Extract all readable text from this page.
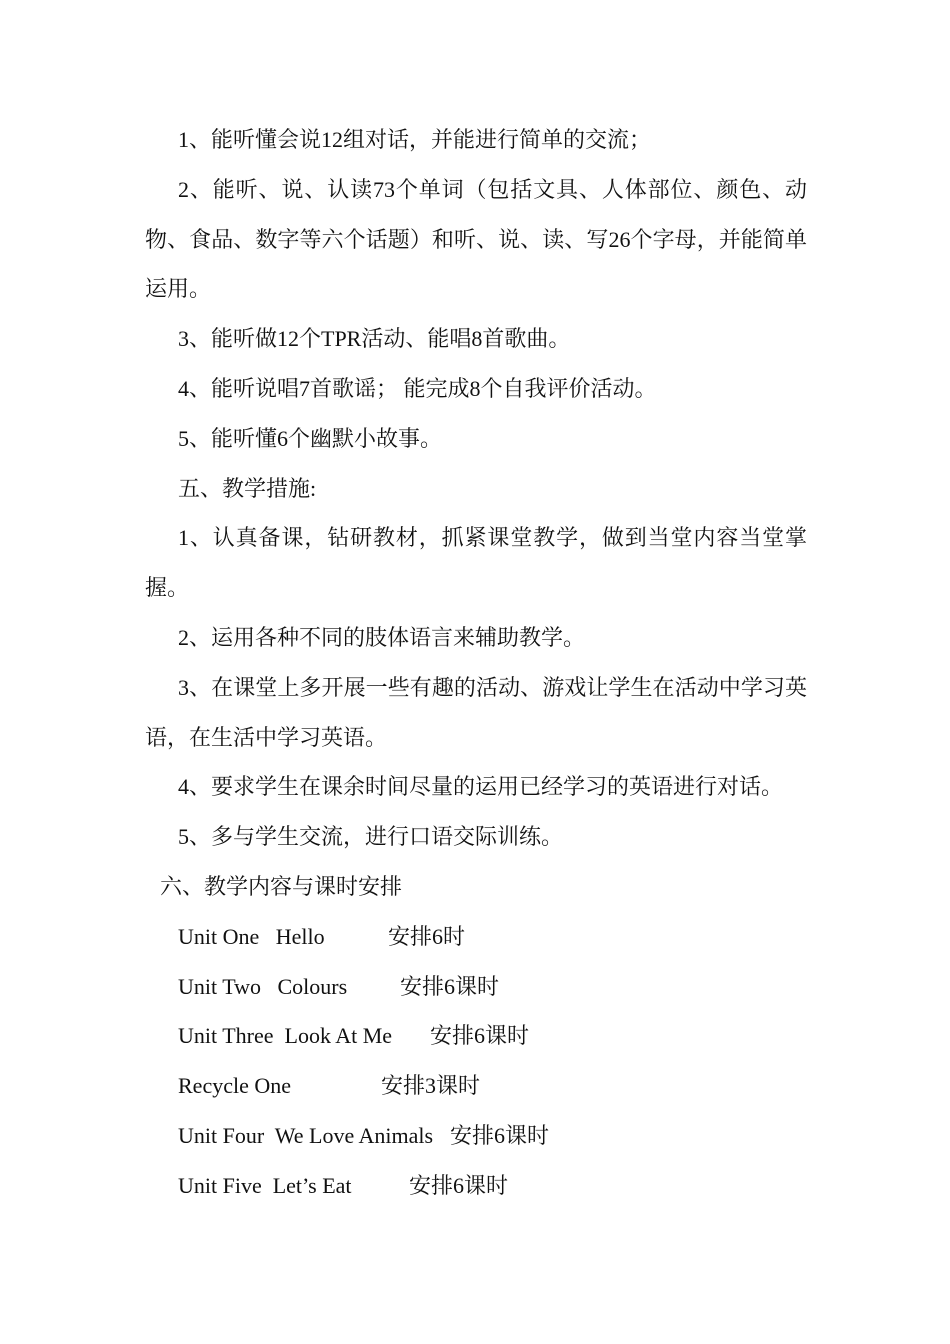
1、能听懂会说12组对话，并能进行简单的交流；

2、能听、说、认读73个单词（包括文具、人体部位、颜色、动物、食品、数字等六个话题）和听、说、读、写26个字母，并能简单运用。

3、能听做12个TPR活动、能唱8首歌曲。

4、能听说唱7首歌谣； 能完成8个自我评价活动。

5、能听懂6个幽默小故事。

五、教学措施:

1、认真备课，钻研教材，抓紧课堂教学，做到当堂内容当堂掌握。

2、运用各种不同的肢体语言来辅助教学。

3、在课堂上多开展一些有趣的活动、游戏让学生在活动中学习英语，在生活中学习英语。

4、要求学生在课余时间尽量的运用已经学习的英语进行对话。

5、多与学生交流，进行口语交际训练。

六、教学内容与课时安排

Unit One   Hello	安排6时
Unit Two   Colours 安排6课时
Unit Three  Look At Me 安排6课时
Recycle One	安排3课时
Unit Four  We Love Animals 安排6课时
Unit Five  Let’s Eat	安排6课时
